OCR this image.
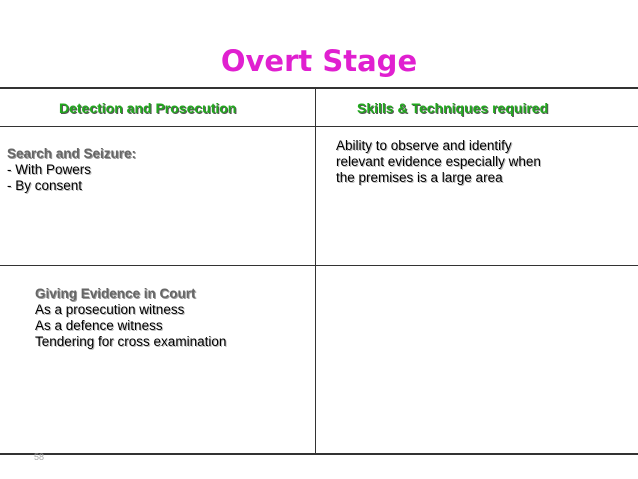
Overt Stage
Detection and Prosecution	Skills & Techniques required
Search and Seizure:
- With Powers
- By consent
Ability to observe and identify
relevant evidence especially when
the premises is a large area
Giving Evidence in Court
As a prosecution witness
As a defence witness
Tendering for cross examination
58
